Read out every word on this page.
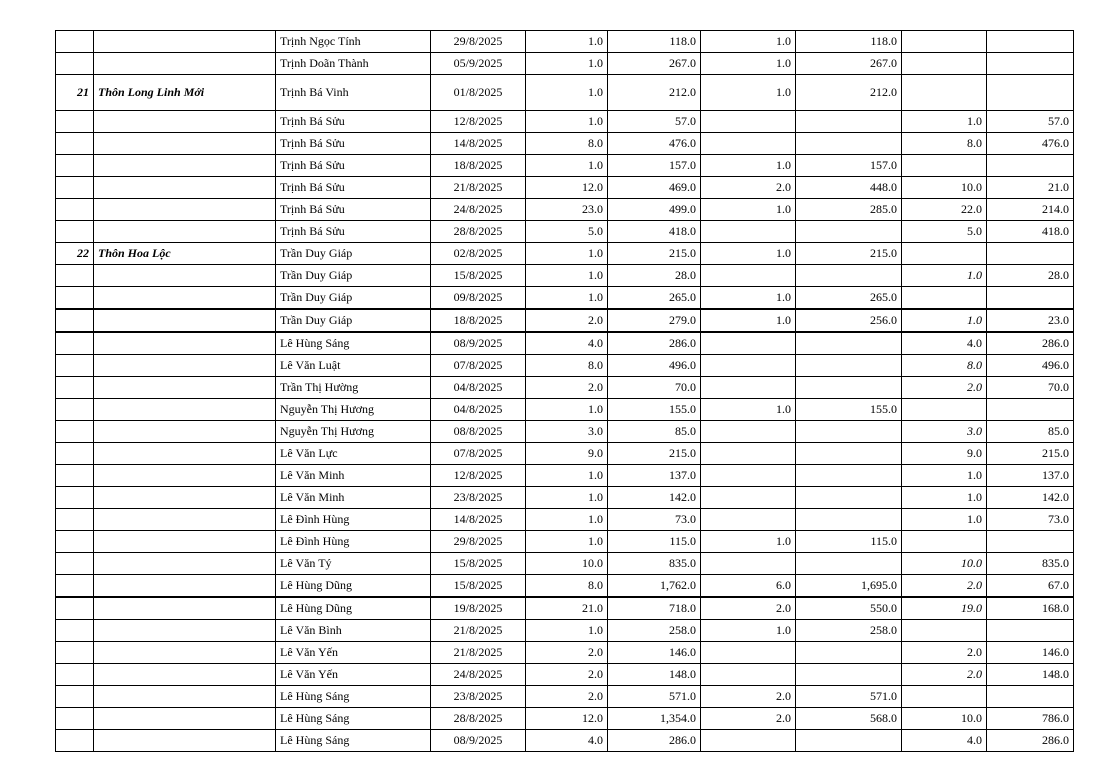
		Trịnh Ngọc Tính	29/8/2025	1.0	118.0	1.0	118.0		
		Trịnh Doãn Thành	05/9/2025	1.0	267.0	1.0	267.0		
21	Thôn Long Linh Mới	Trịnh Bá Vinh	01/8/2025	1.0	212.0	1.0	212.0		
		Trịnh Bá Sửu	12/8/2025	1.0	57.0			1.0	57.0
		Trịnh Bá Sửu	14/8/2025	8.0	476.0			8.0	476.0
		Trịnh Bá Sửu	18/8/2025	1.0	157.0	1.0	157.0		
		Trịnh Bá Sửu	21/8/2025	12.0	469.0	2.0	448.0	10.0	21.0
		Trịnh Bá Sửu	24/8/2025	23.0	499.0	1.0	285.0	22.0	214.0
		Trịnh Bá Sửu	28/8/2025	5.0	418.0			5.0	418.0
22	Thôn Hoa Lộc	Trần Duy Giáp	02/8/2025	1.0	215.0	1.0	215.0		
		Trần Duy Giáp	15/8/2025	1.0	28.0			1.0	28.0
		Trần Duy Giáp	09/8/2025	1.0	265.0	1.0	265.0		
		Trần Duy Giáp	18/8/2025	2.0	279.0	1.0	256.0	1.0	23.0
		Lê Hùng Sáng	08/9/2025	4.0	286.0			4.0	286.0
		Lê Văn Luật	07/8/2025	8.0	496.0			8.0	496.0
		Trần Thị Hường	04/8/2025	2.0	70.0			2.0	70.0
		Nguyễn Thị Hương	04/8/2025	1.0	155.0	1.0	155.0		
		Nguyễn Thị Hương	08/8/2025	3.0	85.0			3.0	85.0
		Lê Văn Lực	07/8/2025	9.0	215.0			9.0	215.0
		Lê Văn Minh	12/8/2025	1.0	137.0			1.0	137.0
		Lê Văn Minh	23/8/2025	1.0	142.0			1.0	142.0
		Lê Đình Hùng	14/8/2025	1.0	73.0			1.0	73.0
		Lê Đình Hùng	29/8/2025	1.0	115.0	1.0	115.0		
		Lê Văn Tý	15/8/2025	10.0	835.0			10.0	835.0
		Lê Hùng Dũng	15/8/2025	8.0	1,762.0	6.0	1,695.0	2.0	67.0
		Lê Hùng Dũng	19/8/2025	21.0	718.0	2.0	550.0	19.0	168.0
		Lê Văn Bình	21/8/2025	1.0	258.0	1.0	258.0		
		Lê Văn Yến	21/8/2025	2.0	146.0			2.0	146.0
		Lê Văn Yến	24/8/2025	2.0	148.0			2.0	148.0
		Lê Hùng Sáng	23/8/2025	2.0	571.0	2.0	571.0		
		Lê Hùng Sáng	28/8/2025	12.0	1,354.0	2.0	568.0	10.0	786.0
		Lê Hùng Sáng	08/9/2025	4.0	286.0			4.0	286.0
